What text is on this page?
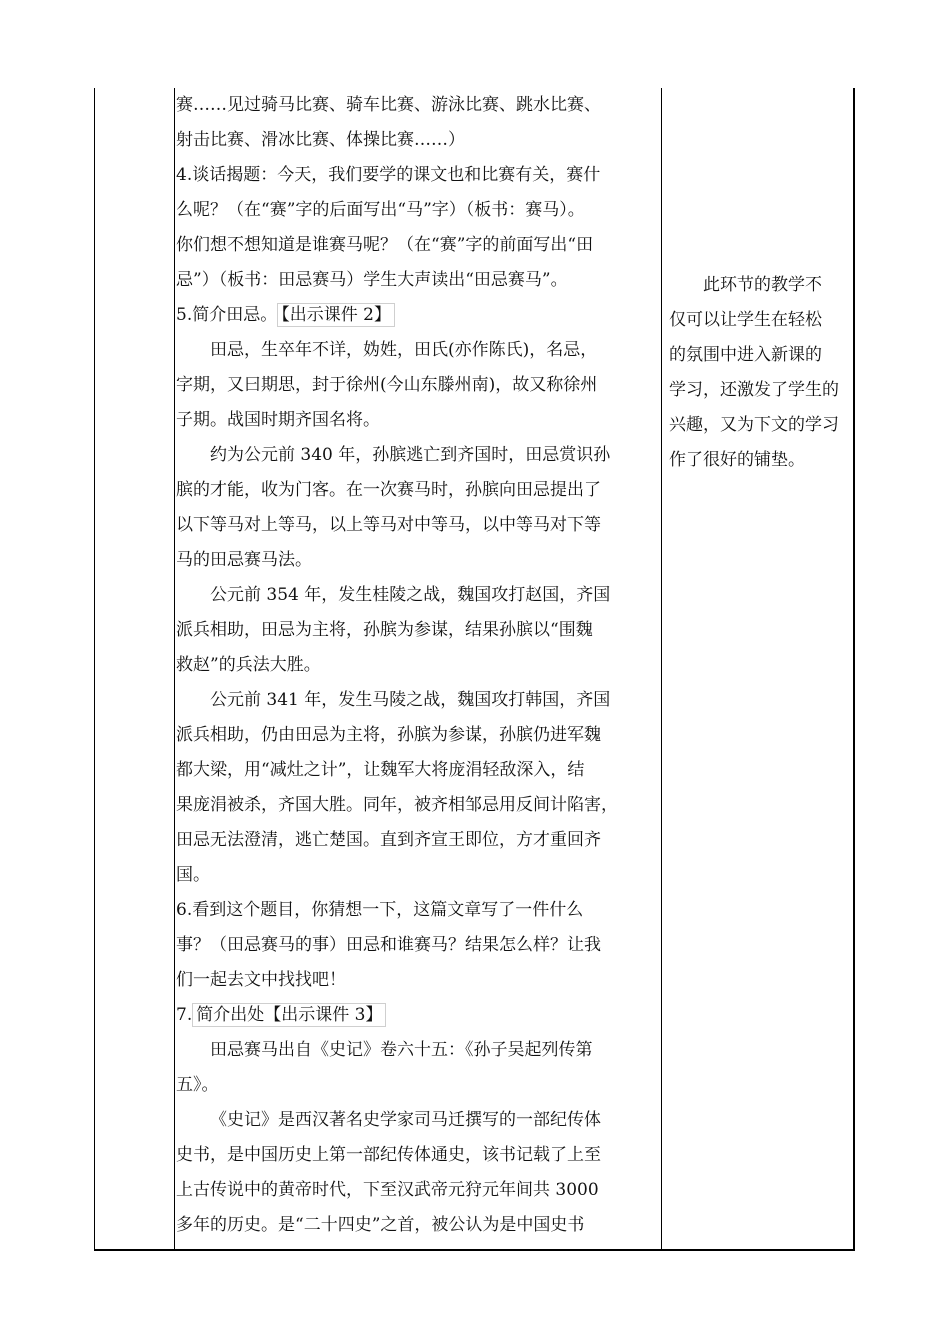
赛……见过骑马比赛、骑车比赛、游泳比赛、跳水比赛、
射击比赛、滑冰比赛、体操比赛……）
4.谈话揭题：今天，我们要学的课文也和比赛有关，赛什
么呢？（在“赛”字的后面写出“马”字）（板书：赛马）。
你们想不想知道是谁赛马呢？（在“赛”字的前面写出“田
忌”）（板书：田忌赛马）学生大声读出“田忌赛马”。
5.简介田忌。 【出示课件 2】
田忌，生卒年不详，妫姓，田氏(亦作陈氏)，名忌，
字期，又曰期思，封于徐州(今山东滕州南)，故又称徐州
子期。战国时期齐国名将。
约为公元前 340 年，孙膑逃亡到齐国时，田忌赏识孙
膑的才能，收为门客。在一次赛马时，孙膑向田忌提出了
以下等马对上等马，以上等马对中等马，以中等马对下等
马的田忌赛马法。
公元前 354 年，发生桂陵之战，魏国攻打赵国，齐国
派兵相助，田忌为主将，孙膑为参谋，结果孙膑以“围魏
救赵”的兵法大胜。
公元前 341 年，发生马陵之战，魏国攻打韩国，齐国
派兵相助，仍由田忌为主将，孙膑为参谋，孙膑仍进军魏
都大梁，用“减灶之计”，让魏军大将庞涓轻敌深入，结
果庞涓被杀，齐国大胜。同年，被齐相邹忌用反间计陷害，
田忌无法澄清，逃亡楚国。直到齐宣王即位，方才重回齐
国。
6.看到这个题目，你猜想一下，这篇文章写了一件什么
事？（田忌赛马的事）田忌和谁赛马？结果怎么样？让我
们一起去文中找找吧！
7. 简介出处【出示课件 3】
田忌赛马出自《史记》卷六十五：《孙子吴起列传第
五》。
《史记》是西汉著名史学家司马迁撰写的一部纪传体
史书，是中国历史上第一部纪传体通史，该书记载了上至
上古传说中的黄帝时代，下至汉武帝元狩元年间共 3000
多年的历史。是“二十四史”之首，被公认为是中国史书
此环节的教学不
仅可以让学生在轻松
的氛围中进入新课的
学习，还激发了学生的
兴趣，又为下文的学习
作了很好的铺垫。
